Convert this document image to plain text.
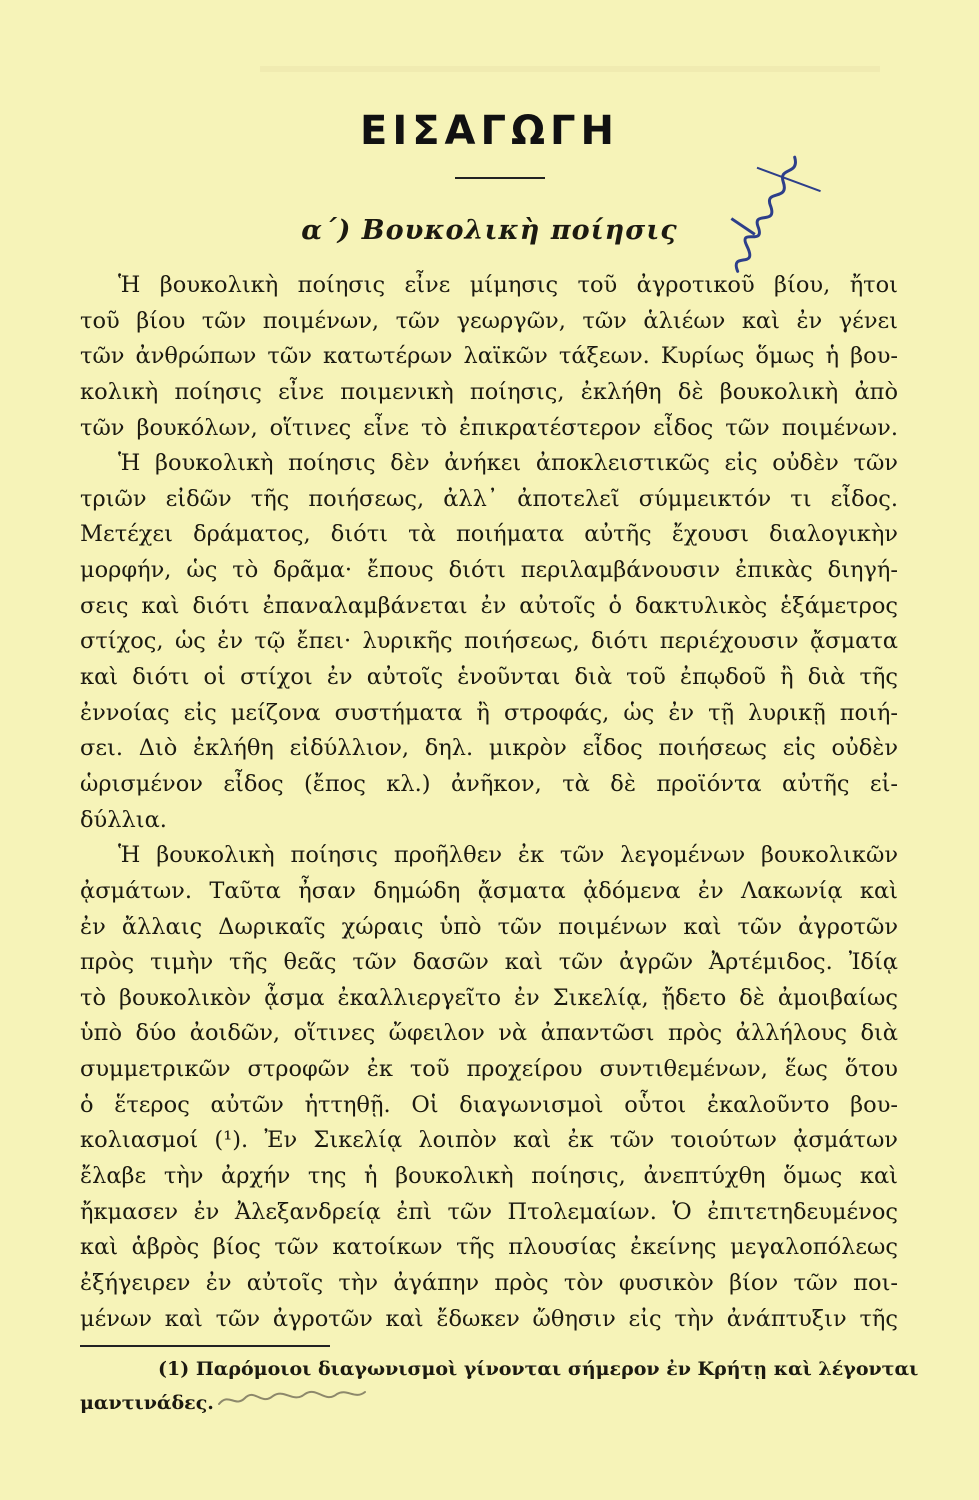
ΕΙΣΑΓΩΓΗ
α΄) Βουκολικὴ ποίησις
Ἡ βουκολικὴ ποίησις εἶνε μίμησις τοῦ ἀγροτικοῦ βίου, ἤτοι
τοῦ βίου τῶν ποιμένων, τῶν γεωργῶν, τῶν ἁλιέων καὶ ἐν γένει
τῶν ἀνθρώπων τῶν κατωτέρων λαϊκῶν τάξεων. Κυρίως ὅμως ἡ βου-
κολικὴ ποίησις εἶνε ποιμενικὴ ποίησις, ἐκλήθη δὲ βουκολικὴ ἀπὸ
τῶν βουκόλων, οἵτινες εἶνε τὸ ἐπικρατέστερον εἶδος τῶν ποιμένων.
Ἡ βουκολικὴ ποίησις δὲν ἀνήκει ἀποκλειστικῶς εἰς οὐδὲν τῶν
τριῶν εἰδῶν τῆς ποιήσεως, ἀλλ᾽ ἀποτελεῖ σύμμεικτόν τι εἶδος.
Μετέχει δράματος, διότι τὰ ποιήματα αὐτῆς ἔχουσι διαλογικὴν
μορφήν, ὡς τὸ δρᾶμα· ἔπους διότι περιλαμβάνουσιν ἐπικὰς διηγή-
σεις καὶ διότι ἐπαναλαμβάνεται ἐν αὐτοῖς ὁ δακτυλικὸς ἑξάμετρος
στίχος, ὡς ἐν τῷ ἔπει· λυρικῆς ποιήσεως, διότι περιέχουσιν ᾄσματα
καὶ διότι οἱ στίχοι ἐν αὐτοῖς ἑνοῦνται διὰ τοῦ ἐπῳδοῦ ἢ διὰ τῆς
ἐννοίας εἰς μείζονα συστήματα ἢ στροφάς, ὡς ἐν τῇ λυρικῇ ποιή-
σει. Διὸ ἐκλήθη εἰδύλλιον, δηλ. μικρὸν εἶδος ποιήσεως εἰς οὐδὲν
ὡρισμένον εἶδος (ἔπος κλ.) ἀνῆκον, τὰ δὲ προϊόντα αὐτῆς εἰ-
δύλλια.
Ἡ βουκολικὴ ποίησις προῆλθεν ἐκ τῶν λεγομένων βουκολικῶν
ᾀσμάτων. Ταῦτα ἦσαν δημώδη ᾄσματα ᾀδόμενα ἐν Λακωνίᾳ καὶ
ἐν ἄλλαις Δωρικαῖς χώραις ὑπὸ τῶν ποιμένων καὶ τῶν ἀγροτῶν
πρὸς τιμὴν τῆς θεᾶς τῶν δασῶν καὶ τῶν ἀγρῶν Ἀρτέμιδος. Ἰδίᾳ
τὸ βουκολικὸν ᾆσμα ἐκαλλιεργεῖτο ἐν Σικελίᾳ, ᾔδετο δὲ ἀμοιβαίως
ὑπὸ δύο ἀοιδῶν, οἵτινες ὤφειλον νὰ ἀπαντῶσι πρὸς ἀλλήλους διὰ
συμμετρικῶν στροφῶν ἐκ τοῦ προχείρου συντιθεμένων, ἕως ὅτου
ὁ ἕτερος αὐτῶν ἡττηθῇ. Οἱ διαγωνισμοὶ οὗτοι ἐκαλοῦντο βου-
κολιασμοί (¹). Ἐν Σικελίᾳ λοιπὸν καὶ ἐκ τῶν τοιούτων ᾀσμάτων
ἔλαβε τὴν ἀρχήν της ἡ βουκολικὴ ποίησις, ἀνεπτύχθη ὅμως καὶ
ἤκμασεν ἐν Ἀλεξανδρείᾳ ἐπὶ τῶν Πτολεμαίων. Ὁ ἐπιτετηδευμένος
καὶ ἁβρὸς βίος τῶν κατοίκων τῆς πλουσίας ἐκείνης μεγαλοπόλεως
ἐξήγειρεν ἐν αὐτοῖς τὴν ἀγάπην πρὸς τὸν φυσικὸν βίον τῶν ποι-
μένων καὶ τῶν ἀγροτῶν καὶ ἔδωκεν ὤθησιν εἰς τὴν ἀνάπτυξιν τῆς
(1) Παρόμοιοι διαγωνισμοὶ γίνονται σήμερον ἐν Κρήτῃ καὶ λέγονται
μαντινάδες.
